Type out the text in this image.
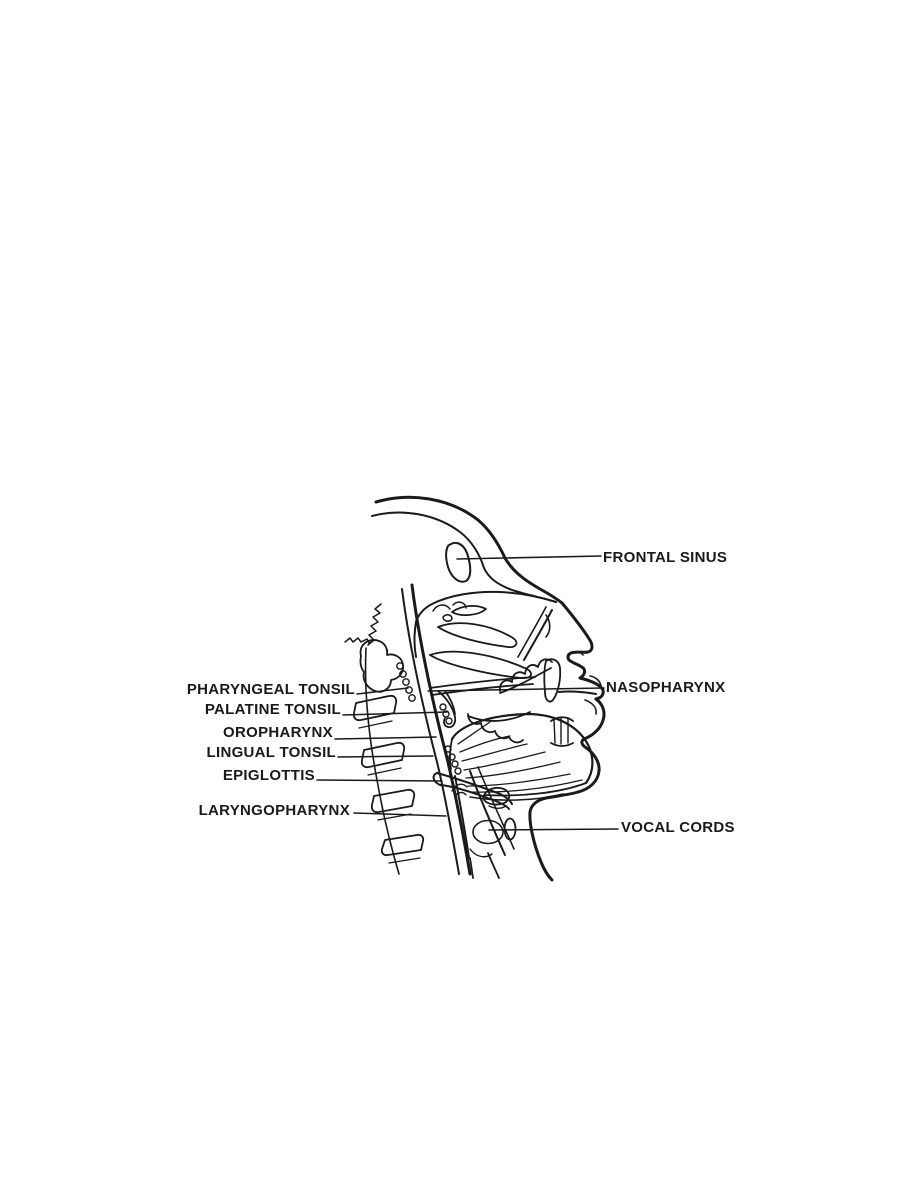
FRONTAL SINUS
NASOPHARYNX
PHARYNGEAL TONSIL
PALATINE TONSIL
OROPHARYNX
LINGUAL TONSIL
EPIGLOTTIS
LARYNGOPHARYNX
VOCAL CORDS
